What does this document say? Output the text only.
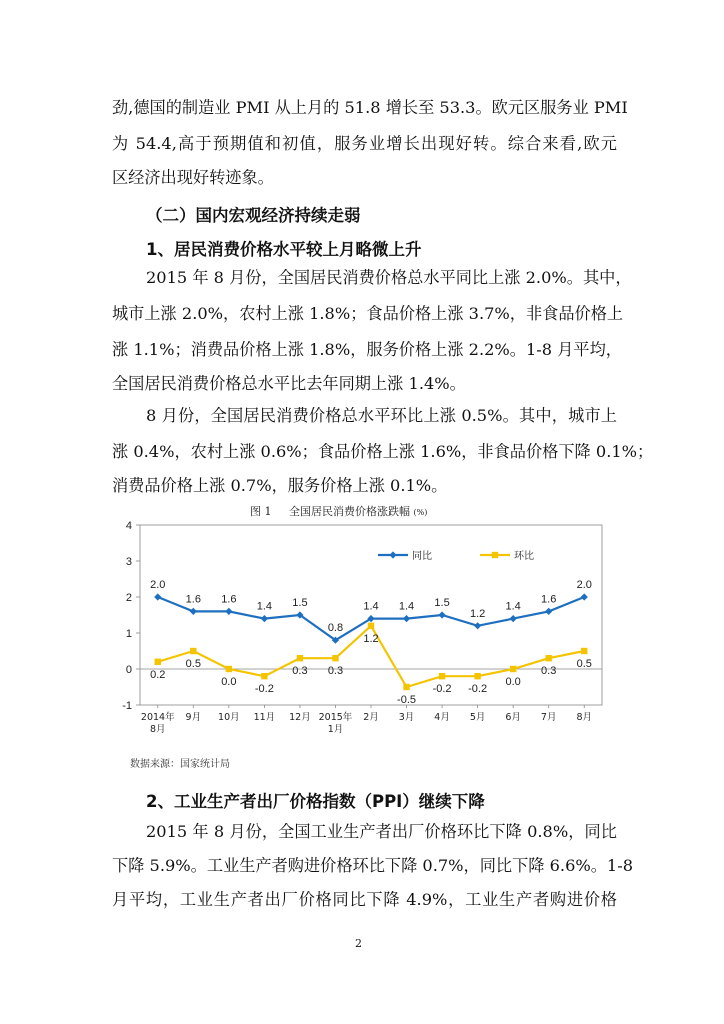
劲,德国的制造业 PMI 从上月的 51.8 增长至 53.3。欧元区服务业 PMI
为 54.4,高于预期值和初值，服务业增长出现好转。综合来看,欧元
区经济出现好转迹象。
（二）国内宏观经济持续走弱
1、居民消费价格水平较上月略微上升
2015 年 8 月份，全国居民消费价格总水平同比上涨 2.0%。其中，
城市上涨 2.0%，农村上涨 1.8%；食品价格上涨 3.7%，非食品价格上
涨 1.1%；消费品价格上涨 1.8%，服务价格上涨 2.2%。1-8 月平均，
全国居民消费价格总水平比去年同期上涨 1.4%。
8 月份，全国居民消费价格总水平环比上涨 0.5%。其中，城市上
涨 0.4%，农村上涨 0.6%；食品价格上涨 1.6%，非食品价格下降 0.1%；
消费品价格上涨 0.7%，服务价格上涨 0.1%。
图 1 全国居民消费价格涨跌幅 (%)
-1
0
1
2
3
4
2014年
8月
9月 10月 11月 12月 2015年
1月
2月 3月 4月 5月 6月 7月 8月
2.0
1.6 1.6
1.4 1.5
0.8
1.4 1.4 1.5
1.2
1.4
1.6
2.0
0.2
0.5
0.0
-0.2
0.3 0.3
1.2
-0.5
-0.2 -0.2
0.0
0.3
0.5
同比	环比
数据来源：国家统计局
2、工业生产者出厂价格指数（PPI）继续下降
2015 年 8 月份，全国工业生产者出厂价格环比下降 0.8%，同比
下降 5.9%。工业生产者购进价格环比下降 0.7%，同比下降 6.6%。1-8
月平均，工业生产者出厂价格同比下降 4.9%，工业生产者购进价格
2
